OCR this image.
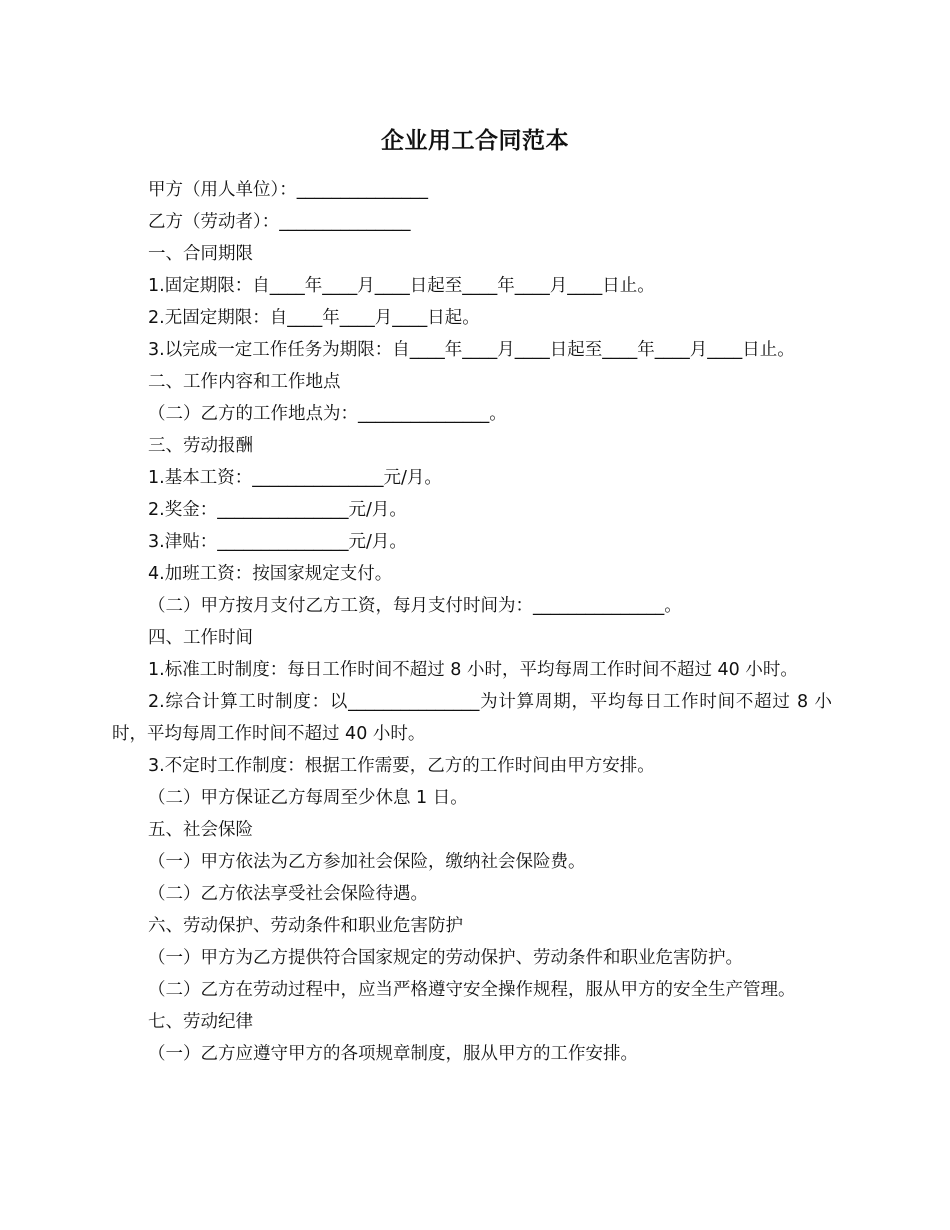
企业用工合同范本
甲方（用人单位）：_______________
乙方（劳动者）：_______________
一、合同期限
1.固定期限：自____年____月____日起至____年____月____日止。
2.无固定期限：自____年____月____日起。
3.以完成一定工作任务为期限：自____年____月____日起至____年____月____日止。
二、工作内容和工作地点
（二）乙方的工作地点为：_______________。
三、劳动报酬
1.基本工资：_______________元/月。
2.奖金：_______________元/月。
3.津贴：_______________元/月。
4.加班工资：按国家规定支付。
（二）甲方按月支付乙方工资，每月支付时间为：_______________。
四、工作时间
1.标准工时制度：每日工作时间不超过 8 小时，平均每周工作时间不超过 40 小时。
2.综合计算工时制度：以_______________为计算周期，平均每日工作时间不超过 8 小时，平均每周工作时间不超过 40 小时。
3.不定时工作制度：根据工作需要，乙方的工作时间由甲方安排。
（二）甲方保证乙方每周至少休息 1 日。
五、社会保险
（一）甲方依法为乙方参加社会保险，缴纳社会保险费。
（二）乙方依法享受社会保险待遇。
六、劳动保护、劳动条件和职业危害防护
（一）甲方为乙方提供符合国家规定的劳动保护、劳动条件和职业危害防护。
（二）乙方在劳动过程中，应当严格遵守安全操作规程，服从甲方的安全生产管理。
七、劳动纪律
（一）乙方应遵守甲方的各项规章制度，服从甲方的工作安排。
